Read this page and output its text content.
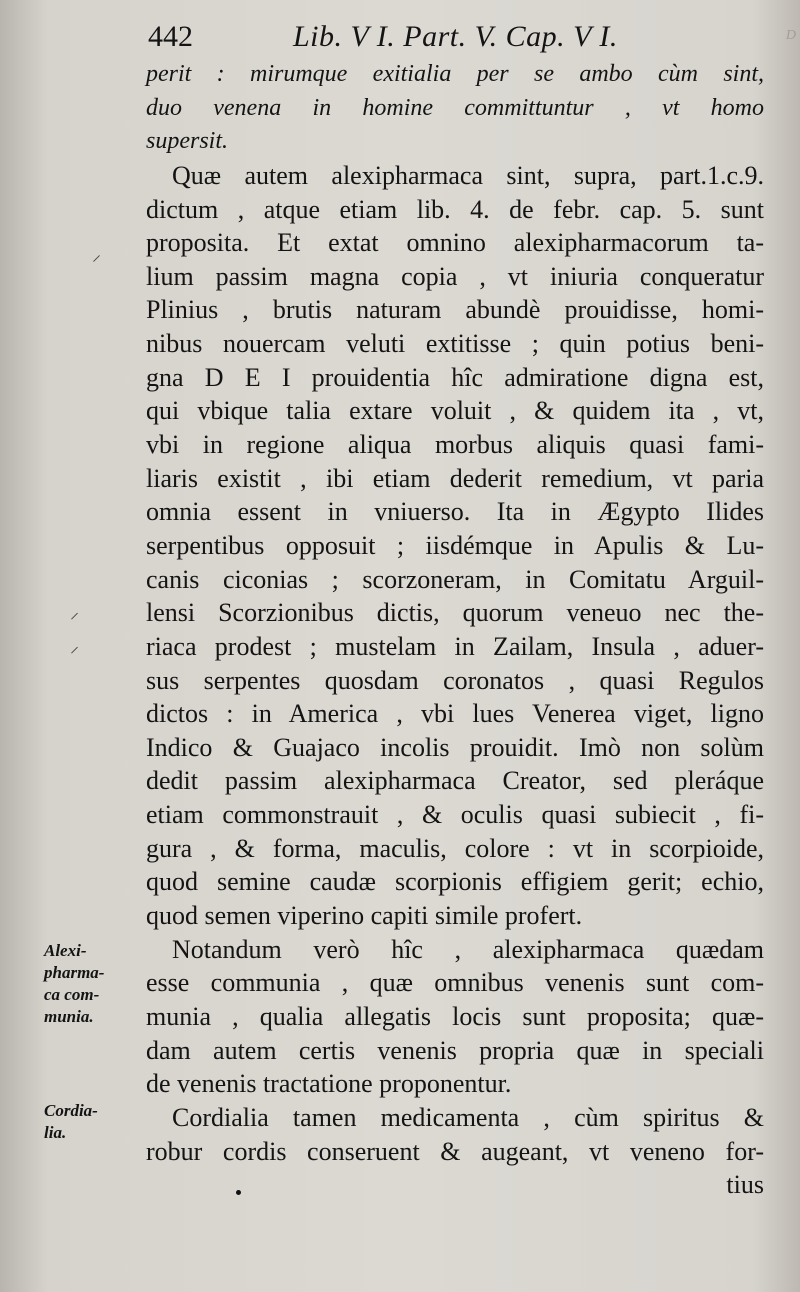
D
442	Lib. V I. Part. V. Cap. V I.
perit : mirumque exitialia per se ambo cùm sint,
duo venena in homine committuntur , vt homo
supersit.
Quæ autem alexipharmaca sint, supra, part.1.c.9.
dictum , atque etiam lib. 4. de febr. cap. 5. sunt
proposita. Et extat omnino alexipharmacorum ta-
lium passim magna copia , vt iniuria conqueratur
Plinius , brutis naturam abundè prouidisse, homi-
nibus nouercam veluti extitisse ; quin potius beni-
gna D E I prouidentia hîc admiratione digna est,
qui vbique talia extare voluit , & quidem ita , vt,
vbi in regione aliqua morbus aliquis quasi fami-
liaris existit , ibi etiam dederit remedium, vt paria
omnia essent in vniuerso. Ita in Ægypto Ilides
serpentibus opposuit ; iisdémque in Apulis & Lu-
canis ciconias ; scorzoneram, in Comitatu Arguil-
lensi Scorzionibus dictis, quorum veneuo nec the-
riaca prodest ; mustelam in Zailam, Insula , aduer-
sus serpentes quosdam coronatos , quasi Regulos
dictos : in America , vbi lues Venerea viget, ligno
Indico & Guajaco incolis prouidit. Imò non solùm
dedit passim alexipharmaca Creator, sed pleráque
etiam commonstrauit , & oculis quasi subiecit , fi-
gura , & forma, maculis, colore : vt in scorpioide,
quod semine caudæ scorpionis effigiem gerit; echio,
quod semen viperino capiti simile profert.
Notandum verò hîc , alexipharmaca quædam
esse communia , quæ omnibus venenis sunt com-
munia , qualia allegatis locis sunt proposita; quæ-
dam autem certis venenis propria quæ in speciali
de venenis tractatione proponentur.
Cordialia tamen medicamenta , cùm spiritus &
robur cordis conseruent & augeant, vt veneno for-
tius
Alexi-
pharma-
ca com-
munia.
Cordia-
lia.
⸍
⸝
⸝
